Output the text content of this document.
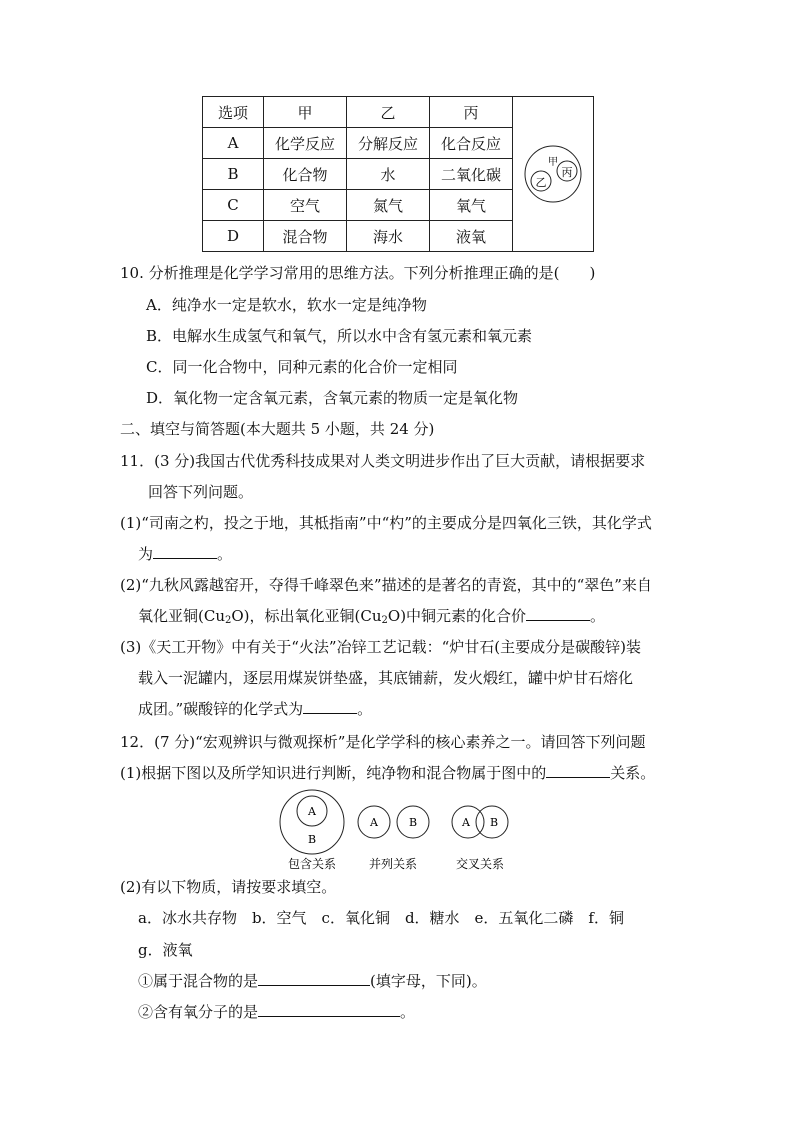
选项	甲	乙	丙	甲
乙
丙

A	化学反应	分解反应	化合反应	
B	化合物	水	二氧化碳	
C	空气	氮气	氧气	
D	混合物	海水	液氧	
10. 分析推理是化学学习常用的思维方法。下列分析推理正确的是( )
A．纯净水一定是软水，软水一定是纯净物
B．电解水生成氢气和氧气，所以水中含有氢元素和氧元素
C．同一化合物中，同种元素的化合价一定相同
D．氧化物一定含氧元素，含氧元素的物质一定是氧化物
二、填空与简答题(本大题共 5 小题，共 24 分)
11．(3 分)我国古代优秀科技成果对人类文明进步作出了巨大贡献，请根据要求
回答下列问题。
(1)“司南之杓，投之于地，其柢指南”中“杓”的主要成分是四氧化三铁，其化学式
为	。
(2)“九秋风露越窑开，夺得千峰翠色来”描述的是著名的青瓷，其中的“翠色”来自
氧化亚铜$(Cu_2O)$，标出氧化亚铜$(Cu_2O)$中铜元素的化合价	。
(3)《天工开物》中有关于“火法”冶锌工艺记载：“炉甘石(主要成分是碳酸锌)装
载入一泥罐内，逐层用煤炭饼垫盛，其底铺薪，发火煅红，罐中炉甘石熔化
成团。”碳酸锌的化学式为	。
12．(7 分)“宏观辨识与微观探析”是化学学科的核心素养之一。请回答下列问题
(1)根据下图以及所学知识进行判断，纯净物和混合物属于图中的	关系。
A
B
A	B	A B
包含关系	并列关系	交叉关系
(2)有以下物质，请按要求填空。
a．冰水共存物　b．空气　c．氧化铜　d．糖水　e．五氧化二磷　f．铜
g．液氧
①属于混合物的是	(填字母，下同)。
②含有氧分子的是	。
